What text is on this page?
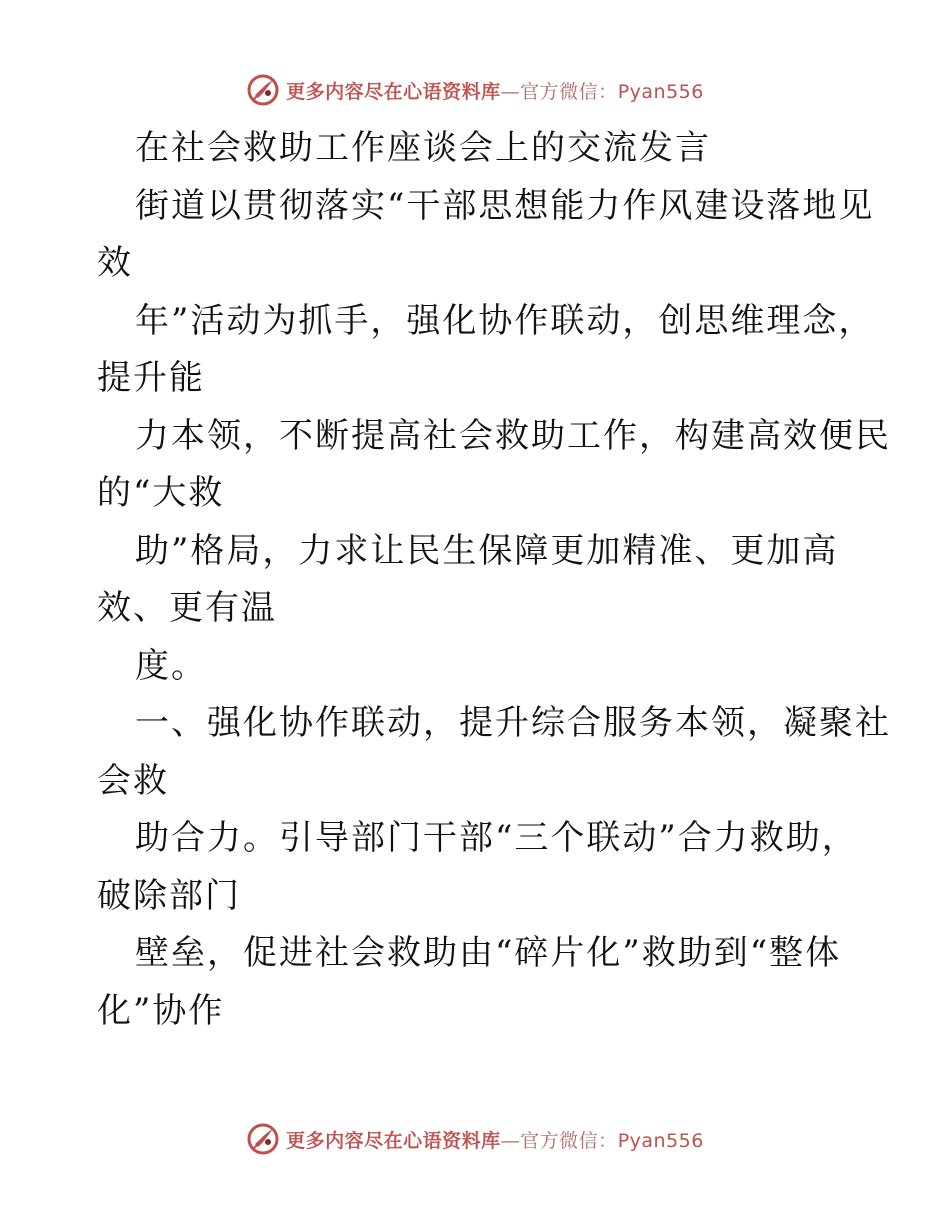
更多内容尽在心语资料库—官方微信：Pyan556
在社会救助工作座谈会上的交流发言
街道以贯彻落实“干部思想能力作风建设落地见
效
年”活动为抓手，强化协作联动，创思维理念，
提升能
力本领，不断提高社会救助工作，构建高效便民
的“大救
助”格局，力求让民生保障更加精准、更加高
效、更有温
度。
一、强化协作联动，提升综合服务本领，凝聚社
会救
助合力。引导部门干部“三个联动”合力救助，
破除部门
壁垒，促进社会救助由“碎片化”救助到“整体
化”协作
更多内容尽在心语资料库—官方微信：Pyan556
